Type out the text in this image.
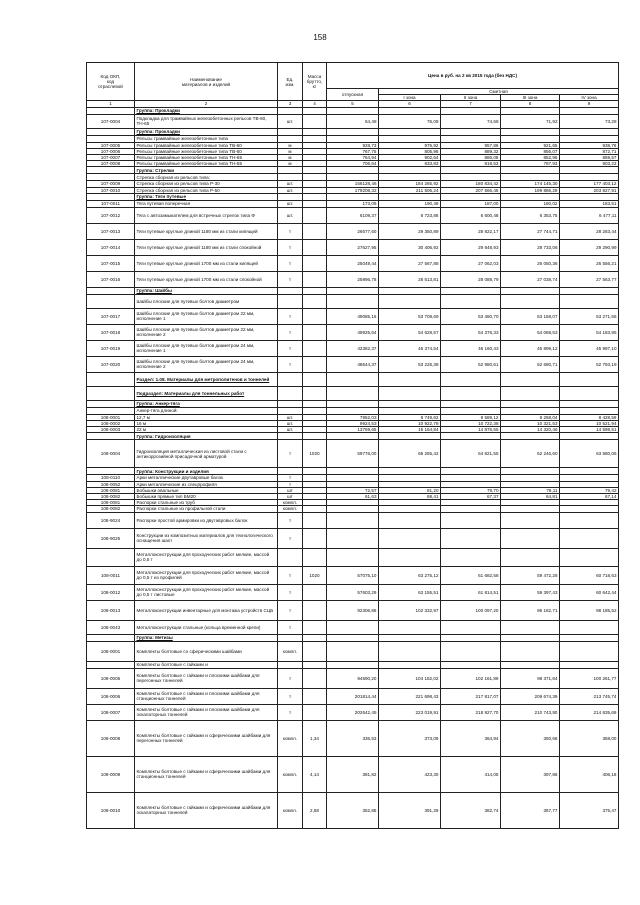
158
Код ОКП,
код
отраслевой	Наименование
материалов и изделий	Ед.
изм.	Масса
брутто,
кг	Цена в руб. на 2 кв 2015 года (без НДС)				
				отпускная	Сметная			
					I зона	II зона	III зона	IV зона
1	2	3	4	5	6	7	8	9
	Группа: Прокладки							
107-0004	Подкладка для трамвайных железобетонных рельсов ТВ-60, ТН-65	шт.		64,48	76,08	74,68	71,92	73,28
	Группа: Прокладки							
	Рельсы трамвайные железобетонные типа							
107-0005	Рельсы трамвайные железобетонные типа ТВ-60	м		928,73	975,92	957,86	921,65	938,76
107-0006	Рельсы трамвайные железобетонные типа ТВ-60	м		767,75	805,96	889,32	856,07	872,71
107-0007	Рельсы трамвайные железобетонные типа ТН-65	м		764,94	902,64	886,08	852,96	869,57
107-0008	Рельсы трамвайные железобетонные типа ТН-55	м		706,64	833,83	818,53	787,93	803,23
	Группа: Стрелки							
	Стрелка сборная из рельсов типа:							
107-0009	Стрелка сборная из рельсов типа Р-30	шт.		156128,46	184 265,92	180 834,42	174 145,30	177 403,12
107-0010	Стрелка сборная из рельсов типа Р-50	шт.		179208,32	211 505,24	207 566,45	199 886,29	203 827,91
	Группа: Тяги путевые							
107-0011	Тяга путевая поперечная	шт.		173,09	190,49	187,00	180,02	183,51
107-0012	Тяга с автозамыкателем для встречных стрелок типа Ф	шт.		6109,37	6 723,86	6 600,48	6 353,75	6 477,11
107-0013	Тяги путевые круглые длиной 1180 мм из стали кипящей	т		26677,60	29 350,89	28 822,17	27 744,71	28 283,44
107-0014	Тяги путевые круглые длиной 1180 мм из стали спокойной	т		27627,95	30 406,92	29 848,93	28 733,06	29 290,99
107-0015	Тяги путевые круглые длиной 1700 мм из стали кипящей	т		25049,44	27 567,88	27 062,03	26 050,36	26 556,21
107-0016	Тяги путевые круглые длиной 1700 мм из стали спокойной	т		25996,78	28 613,81	28 088,79	27 038,74	27 563,77
	Группа: Шайбы							
	Шайбы плоские для путевых болтов диаметром							
107-0017	Шайбы плоские для путевых болтов диаметром 22 мм, исполнение 1	т		49085,16	53 708,69	53 460,70	53 158,07	53 271,56
107-0018	Шайбы плоские для путевых болтов диаметром 22 мм, исполнение 2	т		49925,64	54 628,57	54 376,33	54 068,53	54 183,95
107-0019	Шайбы плоские для путевых болтов диаметром 24 мм, исполнение 1	т		42382,37	46 374,54	46 160,43	45 899,12	45 997,10
107-0020	Шайбы плоские для путевых болтов диаметром 24 мм, исполнение 2	т		48644,37	53 226,38	52 980,61	52 680,71	52 793,19
	Раздел: 1.08. Материалы для метрополитенов и тоннелей							
	Подраздел: Материалы для тоннельных работ							
	Группа: Анкер-тяга							
	Анкер-тяга длиной:							
108-0001	12,7 м	шт.		7952,03	8 749,62	8 589,12	8 268,04	8 428,59
108-0002	16 м	шт.		9924,53	10 922,78	10 722,38	10 321,53	10 521,94
108-0003	22 м	шт.		13769,65	15 154,84	14 876,55	14 320,46	14 598,51
	Группа: Гидроизоляция							
108-0004	Гидроизоляция металлическая из листовой стали с антикоррозийной присадочной арматурой	т	1020	59776,00	65 265,42	64 821,55	62 246,60	63 580,06
	Группа: Конструкции и изделия							
108-0110	Арки металлические двутавровые балок	т						
108-0052	Арки металлические из спецпрофиля	т						
108-0081	Бобышки овальные	шт		72,57	81,20	79,70	78,11	79,42
108-0082	Бобышки прямые тип БМ20	шт		61,63	68,41	67,37	64,81	67,14
108-0081	Распорки стальные из труб	компл.						
108-0082	Распорки стальные из профильной стали	компл.						
108-9024	Распорки простой армировки из двутавровых балок	т						
108-9025	Конструкции из композитных материалов для технологического оснащения шахт	т						
	Металлоконструкции для проходческих работ мелкие, массой до 0,5 т							
108-0011	Металлоконструкции для проходческих работ мелкие, массой до 0,5 т из профилей	т	1020	57075,10	63 275,12	61 682,58	59 472,28	60 718,63
108-0012	Металлоконструкции для проходческих работ мелкие, массой до 0,5 т листовые	т		57603,29	63 155,51	61 814,51	59 397,43	60 642,44
108-0013	Металлоконструкции инвентарные для монтажа устройств СЦБ	т		92306,86	102 332,97	100 097,20	96 182,71	98 185,52
108-0043	Металлоконструкции стальные (кольца временной крепи)	т						
	Группа: Метизы							
108-0001	Комплекты болтовые со сферическими шайбами	компл.						
	Комплекты болтовые с гайками и							
108-0005	Комплекты болтовые с гайками и плоскими шайбами для перегонных тоннелей	т		94590,20	104 162,02	102 161,89	98 371,64	100 261,77
108-0006	Комплекты болтовые с гайками и плоскими шайбами для станционных тоннелей	т		201814,44	221 698,43	217 817,07	209 674,39	213 745,74
108-0007	Комплекты болтовые с гайками и плоскими шайбами для эскалаторных тоннелей	т		202642,45	223 019,91	218 927,70	210 743,90	214 835,69
108-0008	Комплекты болтовые с гайками и сферическими шайбами для перегонных тоннелей	компл.	1,34	336,53	373,09	364,94	350,66	358,00
108-0009	Комплекты болтовые с гайками и сферическими шайбами для станционных тоннелей	компл.	4,14	381,82	423,30	414,05	397,86	406,18
108-0010	Комплекты болтовые с гайками и сферическими шайбами для эскалаторных тоннелей	компл.	2,58	352,85	391,29	382,74	367,77	375,47
